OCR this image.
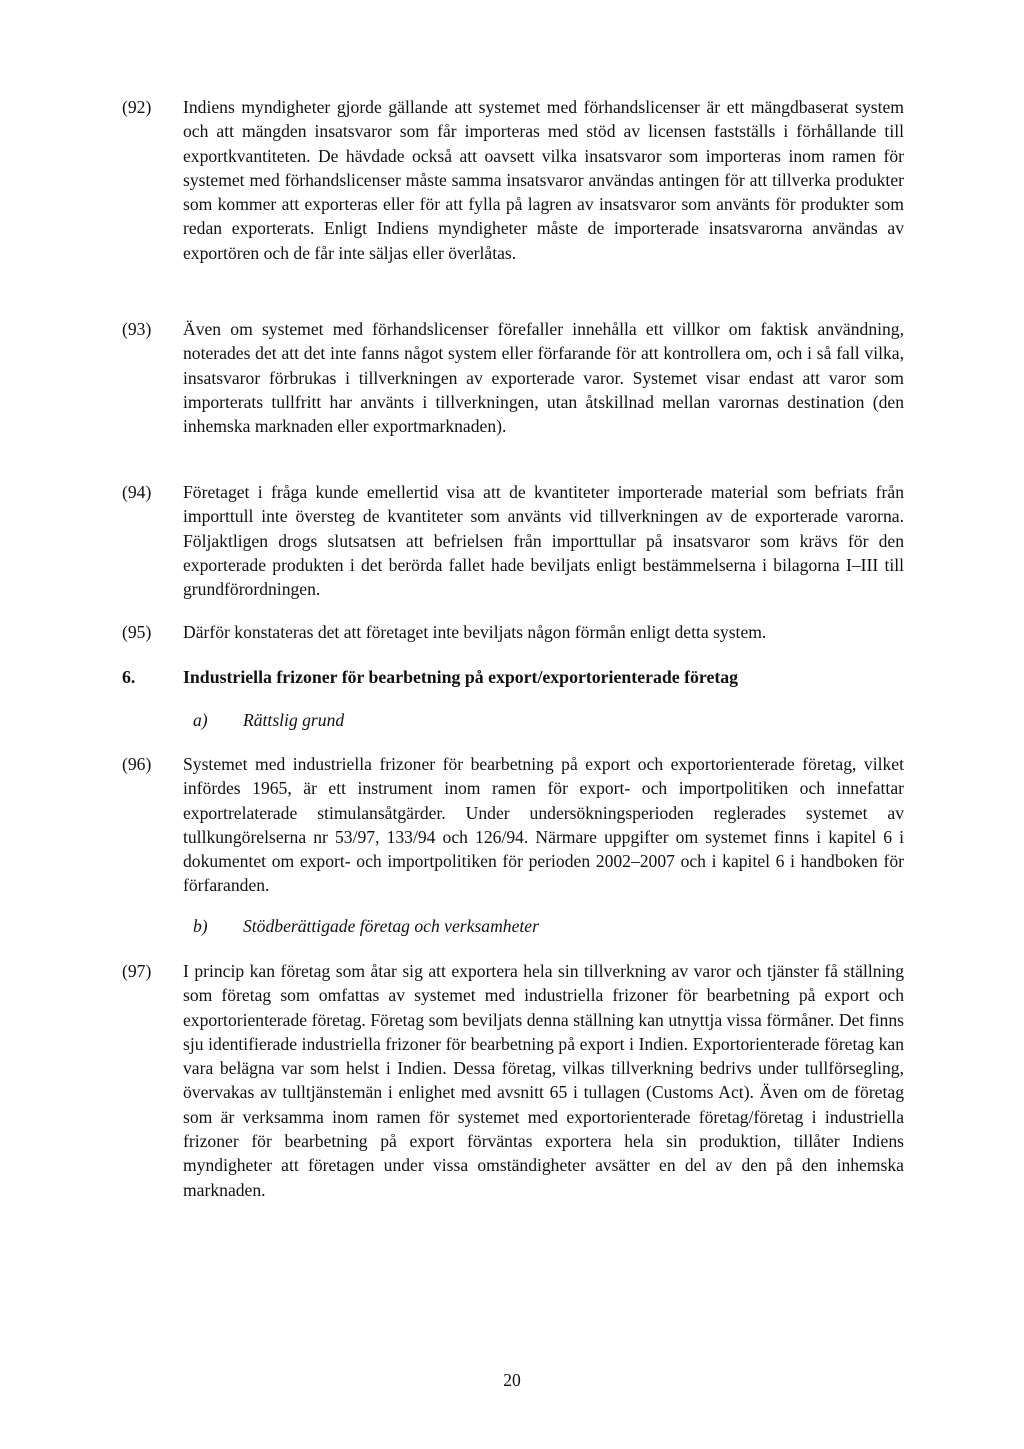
(92) Indiens myndigheter gjorde gällande att systemet med förhandslicenser är ett mängdbaserat system och att mängden insatsvaror som får importeras med stöd av licensen fastställs i förhållande till exportkvantiteten. De hävdade också att oavsett vilka insatsvaror som importeras inom ramen för systemet med förhandslicenser måste samma insatsvaror användas antingen för att tillverka produkter som kommer att exporteras eller för att fylla på lagren av insatsvaror som använts för produkter som redan exporterats. Enligt Indiens myndigheter måste de importerade insatsvarorna användas av exportören och de får inte säljas eller överlåtas.
(93) Även om systemet med förhandslicenser förefaller innehålla ett villkor om faktisk användning, noterades det att det inte fanns något system eller förfarande för att kontrollera om, och i så fall vilka, insatsvaror förbrukas i tillverkningen av exporterade varor. Systemet visar endast att varor som importerats tullfritt har använts i tillverkningen, utan åtskillnad mellan varornas destination (den inhemska marknaden eller exportmarknaden).
(94) Företaget i fråga kunde emellertid visa att de kvantiteter importerade material som befriats från importtull inte översteg de kvantiteter som använts vid tillverkningen av de exporterade varorna. Följaktligen drogs slutsatsen att befrielsen från importtullar på insatsvaror som krävs för den exporterade produkten i det berörda fallet hade beviljats enligt bestämmelserna i bilagorna I–III till grundförordningen.
(95) Därför konstateras det att företaget inte beviljats någon förmån enligt detta system.
6.	Industriella frizoner för bearbetning på export/exportorienterade företag
a) Rättslig grund
(96) Systemet med industriella frizoner för bearbetning på export och exportorienterade företag, vilket infördes 1965, är ett instrument inom ramen för export- och importpolitiken och innefattar exportrelaterade stimulansåtgärder. Under undersökningsperioden reglerades systemet av tullkungörelserna nr 53/97, 133/94 och 126/94. Närmare uppgifter om systemet finns i kapitel 6 i dokumentet om export- och importpolitiken för perioden 2002–2007 och i kapitel 6 i handboken för förfaranden.
b) Stödberättigade företag och verksamheter
(97) I princip kan företag som åtar sig att exportera hela sin tillverkning av varor och tjänster få ställning som företag som omfattas av systemet med industriella frizoner för bearbetning på export och exportorienterade företag. Företag som beviljats denna ställning kan utnyttja vissa förmåner. Det finns sju identifierade industriella frizoner för bearbetning på export i Indien. Exportorienterade företag kan vara belägna var som helst i Indien. Dessa företag, vilkas tillverkning bedrivs under tullförsegling, övervakas av tulltjänstemän i enlighet med avsnitt 65 i tullagen (Customs Act). Även om de företag som är verksamma inom ramen för systemet med exportorienterade företag/företag i industriella frizoner för bearbetning på export förväntas exportera hela sin produktion, tillåter Indiens myndigheter att företagen under vissa omständigheter avsätter en del av den på den inhemska marknaden.
20
